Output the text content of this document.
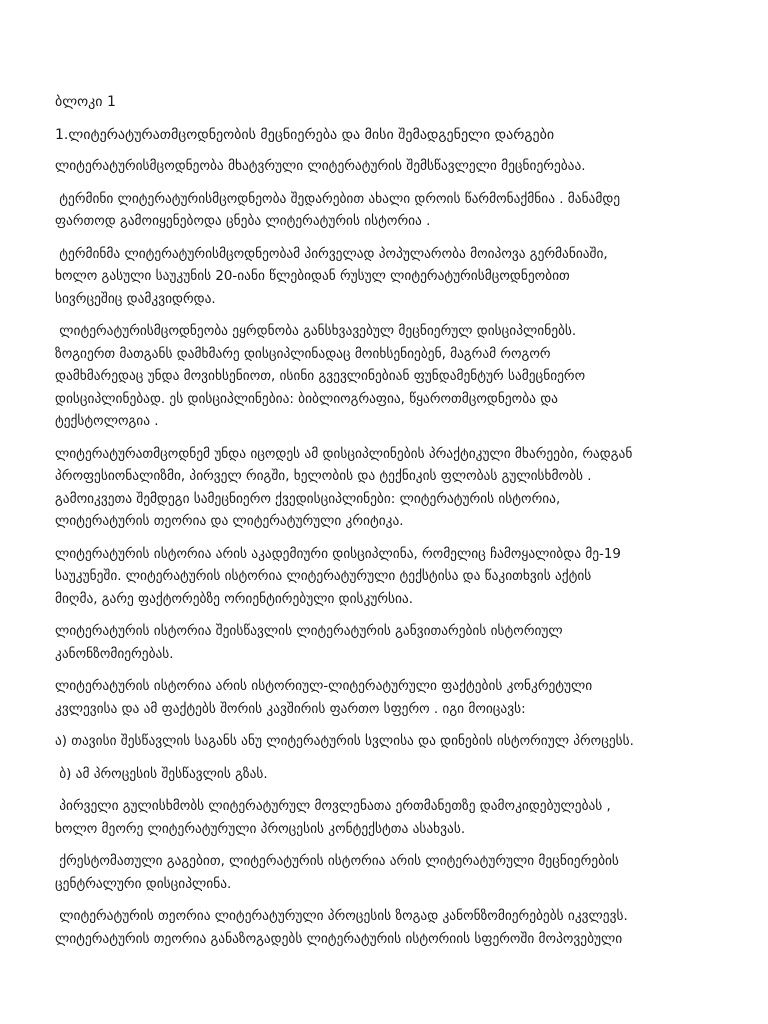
ბლოკი 1
1.ლიტერატურათმცოდნეობის მეცნიერება და მისი შემადგენელი დარგები
ლიტერატურისმცოდნეობა მხატვრული ლიტერატურის შემსწავლელი მეცნიერებაა.
ტერმინი ლიტერატურისმცოდნეობა შედარებით ახალი დროის წარმონაქმნია . მანამდე
ფართოდ გამოიყენებოდა ცნება ლიტერატურის ისტორია .
ტერმინმა ლიტერატურისმცოდნეობამ პირველად პოპულარობა მოიპოვა გერმანიაში,
ხოლო გასული საუკუნის 20-იანი წლებიდან რუსულ ლიტერატურისმცოდნეობით
სივრცეშიც დამკვიდრდა.
ლიტერატურისმცოდნეობა ეყრდნობა განსხვავებულ მეცნიერულ დისციპლინებს.
ზოგიერთ მათგანს დამხმარე დისციპლინადაც მოიხსენიებენ, მაგრამ როგორ
დამხმარედაც უნდა მოვიხსენიოთ, ისინი გვევლინებიან ფუნდამენტურ სამეცნიერო
დისციპლინებად. ეს დისციპლინებია: ბიბლიოგრაფია, წყაროთმცოდნეობა და
ტექსტოლოგია .
ლიტერატურათმცოდნემ უნდა იცოდეს ამ დისციპლინების პრაქტიკული მხარეები, რადგან
პროფესიონალიზმი, პირველ რიგში, ხელობის და ტექნიკის ფლობას გულისხმობს .
გამოიკვეთა შემდეგი სამეცნიერო ქვედისციპლინები: ლიტერატურის ისტორია,
ლიტერატურის თეორია და ლიტერატურული კრიტიკა.
ლიტერატურის ისტორია არის აკადემიური დისციპლინა, რომელიც ჩამოყალიბდა მე-19
საუკუნეში. ლიტერატურის ისტორია ლიტერატურული ტექსტისა და წაკითხვის აქტის
მიღმა, გარე ფაქტორებზე ორიენტირებული დისკურსია.
ლიტერატურის ისტორია შეისწავლის ლიტერატურის განვითარების ისტორიულ
კანონზომიერებას.
ლიტერატურის ისტორია არის ისტორიულ-ლიტერატურული ფაქტების კონკრეტული
კვლევისა და ამ ფაქტებს შორის კავშირის ფართო სფერო . იგი მოიცავს:
ა) თავისი შესწავლის საგანს ანუ ლიტერატურის სვლისა და დინების ისტორიულ პროცესს.
ბ) ამ პროცესის შესწავლის გზას.
პირველი გულისხმობს ლიტერატურულ მოვლენათა ერთმანეთზე დამოკიდებულებას ,
ხოლო მეორე ლიტერატურული პროცესის კონტექსტთა ასახვას.
ქრესტომათული გაგებით, ლიტერატურის ისტორია არის ლიტერატურული მეცნიერების
ცენტრალური დისციპლინა.
ლიტერატურის თეორია ლიტერატურული პროცესის ზოგად კანონზომიერებებს იკვლევს.
ლიტერატურის თეორია განაზოგადებს ლიტერატურის ისტორიის სფეროში მოპოვებული
